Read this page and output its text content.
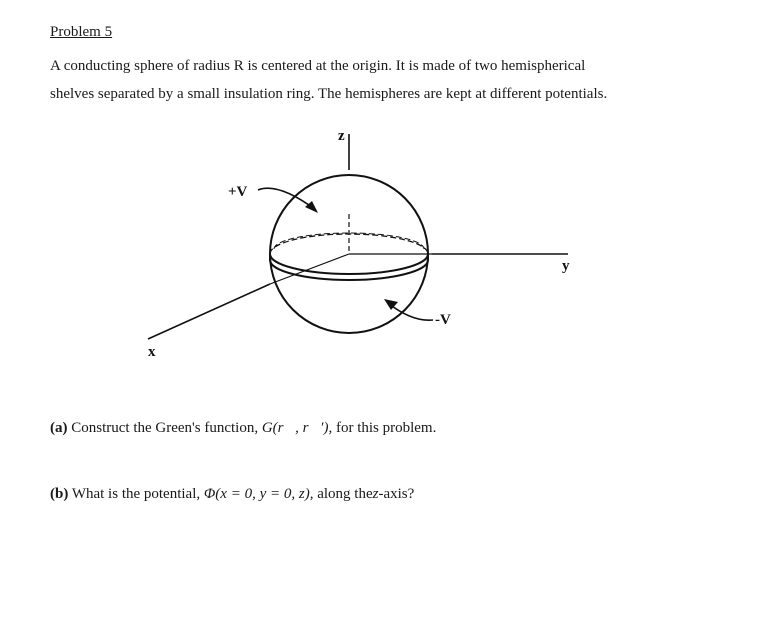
Problem 5
A conducting sphere of radius R is centered at the origin. It is made of two hemispherical
shelves separated by a small insulation ring. The hemispheres are kept at different potentials.
z
y
x
+V
-V
(a) Construct the Green's function, G(r⃗, r⃗′), for this problem.
(b) What is the potential, Φ(x = 0, y = 0, z), along thez-axis?
